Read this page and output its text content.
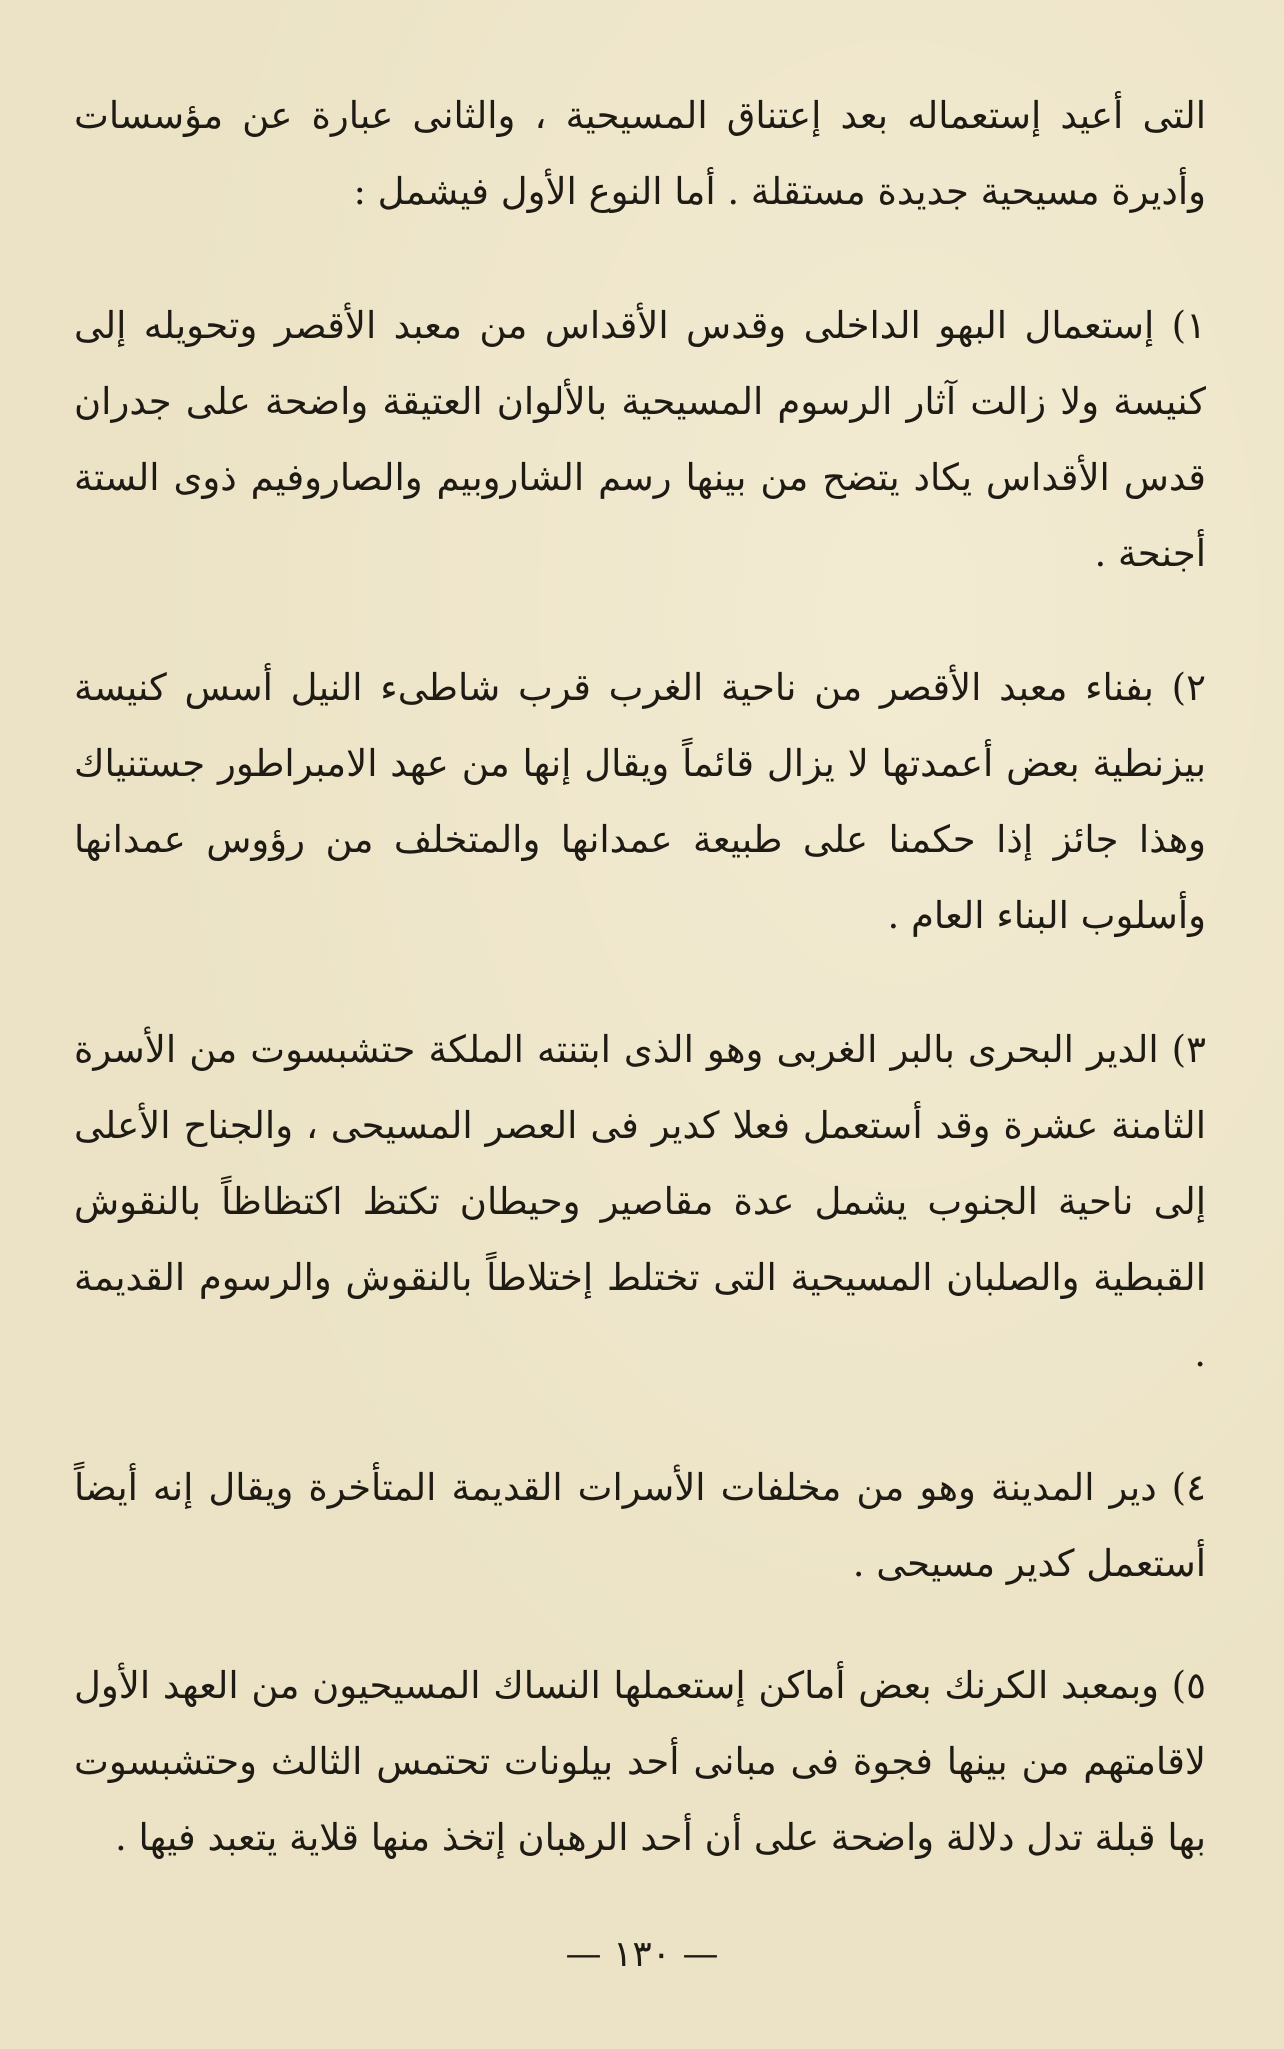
التى أعيد إستعماله بعد إعتناق المسيحية ، والثانى عبارة عن مؤسسات وأديرة مسيحية جديدة مستقلة . أما النوع الأول فيشمل :

١) إستعمال البهو الداخلى وقدس الأقداس من معبد الأقصر وتحويله إلى كنيسة ولا زالت آثار الرسوم المسيحية بالألوان العتيقة واضحة على جدران قدس الأقداس يكاد يتضح من بينها رسم الشاروبيم والصاروفيم ذوى الستة أجنحة .

٢) بفناء معبد الأقصر من ناحية الغرب قرب شاطىء النيل أسس كنيسة بيزنطية بعض أعمدتها لا يزال قائماً ويقال إنها من عهد الامبراطور جستنياك وهذا جائز إذا حكمنا على طبيعة عمدانها والمتخلف من رؤوس عمدانها وأسلوب البناء العام .

٣) الدير البحرى بالبر الغربى وهو الذى ابتنته الملكة حتشبسوت من الأسرة الثامنة عشرة وقد أستعمل فعلا كدير فى العصر المسيحى ، والجناح الأعلى إلى ناحية الجنوب يشمل عدة مقاصير وحيطان تكتظ اكتظاظاً بالنقوش القبطية والصلبان المسيحية التى تختلط إختلاطاً بالنقوش والرسوم القديمة .

٤) دير المدينة وهو من مخلفات الأسرات القديمة المتأخرة ويقال إنه أيضاً أستعمل كدير مسيحى .

٥) وبمعبد الكرنك بعض أماكن إستعملها النساك المسيحيون من العهد الأول لاقامتهم من بينها فجوة فى مبانى أحد بيلونات تحتمس الثالث وحتشبسوت بها قبلة تدل دلالة واضحة على أن أحد الرهبان إتخذ منها قلاية يتعبد فيها .

— ١٣٠ —
